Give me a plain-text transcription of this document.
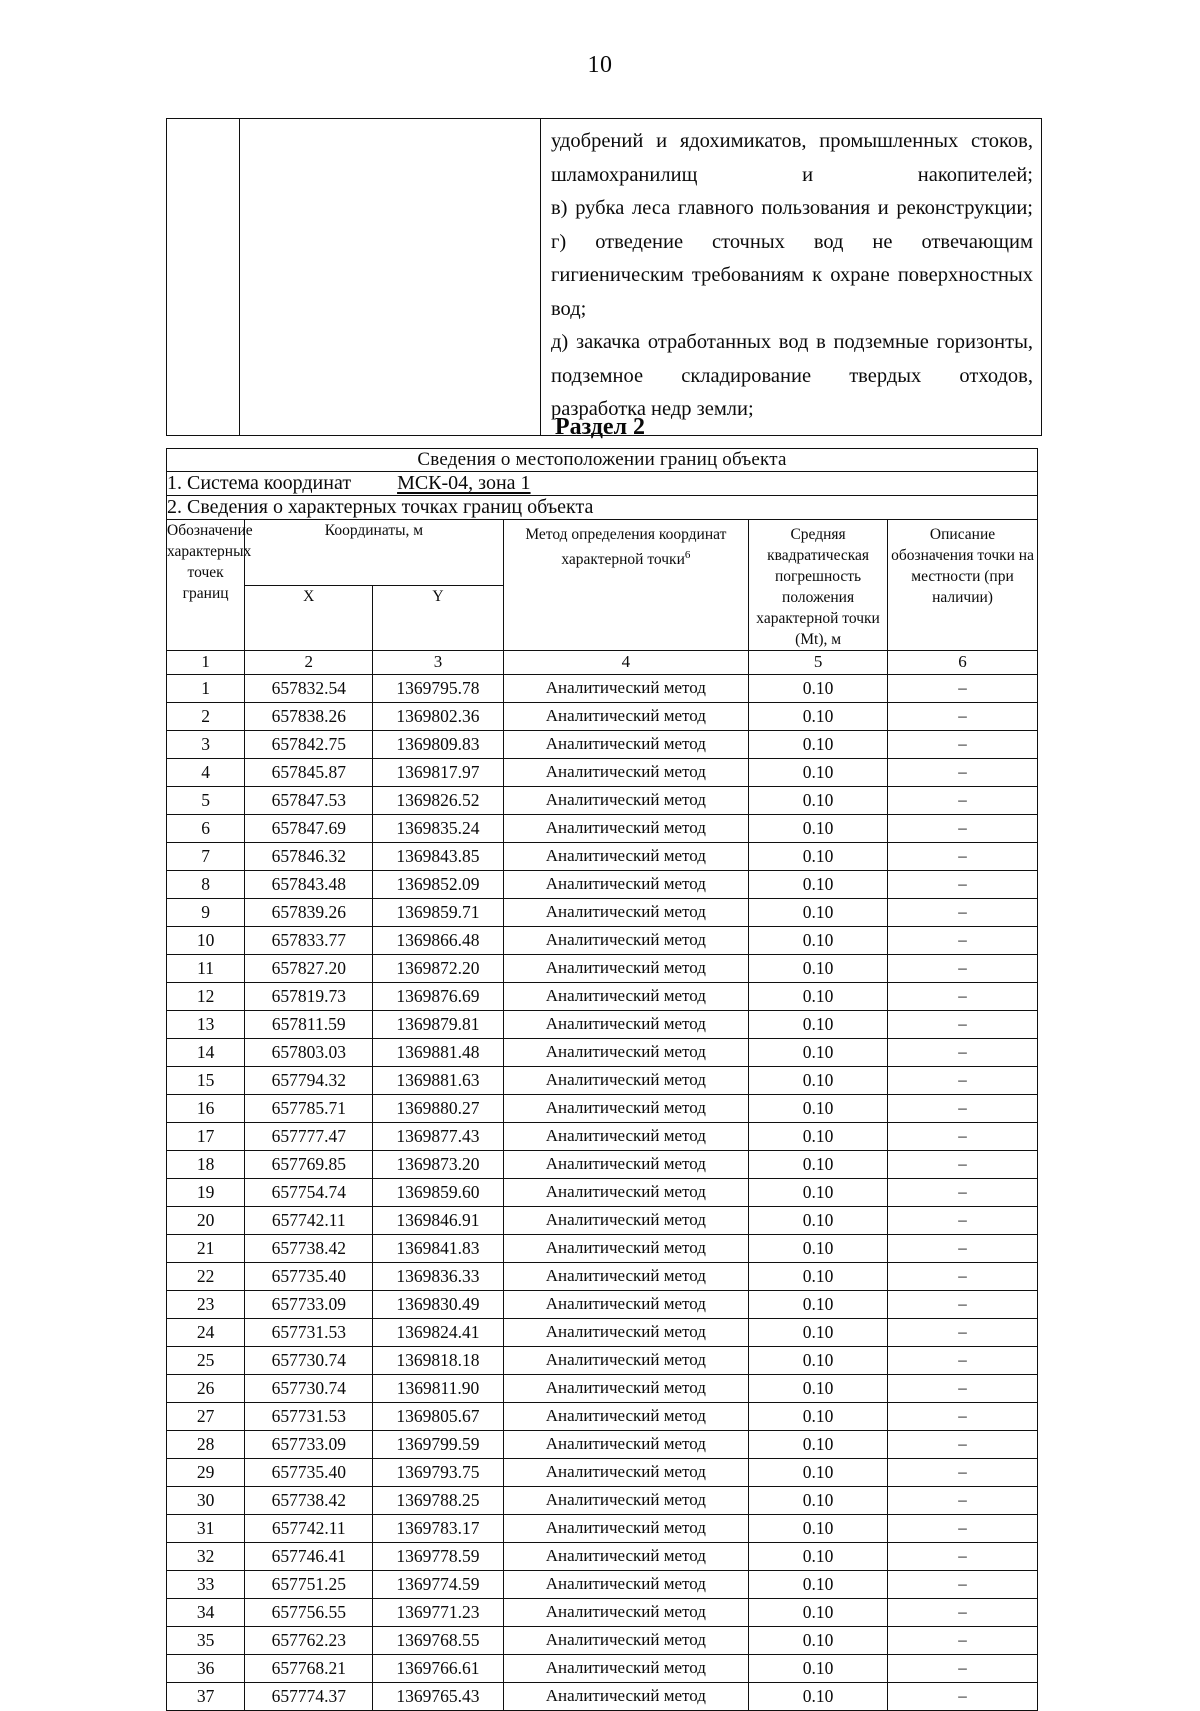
10

удобрений и ядохимикатов, промышленных стоков, шламохранилищ и накопителей;

в) рубка леса главного пользования и реконструкции;

г) отведение сточных вод не отвечающим гигиеническим требованиям к охране поверхностных вод;

д) закачка отработанных вод в подземные горизонты, подземное складирование твердых отходов, разработка недр земли;

Раздел 2
Сведения о местоположении границ объекта					
1. Система координат МСК-04, зона 1					
2. Сведения о характерных точках границ объекта					
Обозначение характерных точек границ	Координаты, м		Метод определения координат характерной точки$^6$	Средняя квадратическая погрешность положения характерной точки (Mt), м	Описание обозначения точки на местности (при наличии)
	X	Y			
1	2	3	4	5	6
1	657832.54	1369795.78	Аналитический метод	0.10	–
2	657838.26	1369802.36	Аналитический метод	0.10	–
3	657842.75	1369809.83	Аналитический метод	0.10	–
4	657845.87	1369817.97	Аналитический метод	0.10	–
5	657847.53	1369826.52	Аналитический метод	0.10	–
6	657847.69	1369835.24	Аналитический метод	0.10	–
7	657846.32	1369843.85	Аналитический метод	0.10	–
8	657843.48	1369852.09	Аналитический метод	0.10	–
9	657839.26	1369859.71	Аналитический метод	0.10	–
10	657833.77	1369866.48	Аналитический метод	0.10	–
11	657827.20	1369872.20	Аналитический метод	0.10	–
12	657819.73	1369876.69	Аналитический метод	0.10	–
13	657811.59	1369879.81	Аналитический метод	0.10	–
14	657803.03	1369881.48	Аналитический метод	0.10	–
15	657794.32	1369881.63	Аналитический метод	0.10	–
16	657785.71	1369880.27	Аналитический метод	0.10	–
17	657777.47	1369877.43	Аналитический метод	0.10	–
18	657769.85	1369873.20	Аналитический метод	0.10	–
19	657754.74	1369859.60	Аналитический метод	0.10	–
20	657742.11	1369846.91	Аналитический метод	0.10	–
21	657738.42	1369841.83	Аналитический метод	0.10	–
22	657735.40	1369836.33	Аналитический метод	0.10	–
23	657733.09	1369830.49	Аналитический метод	0.10	–
24	657731.53	1369824.41	Аналитический метод	0.10	–
25	657730.74	1369818.18	Аналитический метод	0.10	–
26	657730.74	1369811.90	Аналитический метод	0.10	–
27	657731.53	1369805.67	Аналитический метод	0.10	–
28	657733.09	1369799.59	Аналитический метод	0.10	–
29	657735.40	1369793.75	Аналитический метод	0.10	–
30	657738.42	1369788.25	Аналитический метод	0.10	–
31	657742.11	1369783.17	Аналитический метод	0.10	–
32	657746.41	1369778.59	Аналитический метод	0.10	–
33	657751.25	1369774.59	Аналитический метод	0.10	–
34	657756.55	1369771.23	Аналитический метод	0.10	–
35	657762.23	1369768.55	Аналитический метод	0.10	–
36	657768.21	1369766.61	Аналитический метод	0.10	–
37	657774.37	1369765.43	Аналитический метод	0.10	–
